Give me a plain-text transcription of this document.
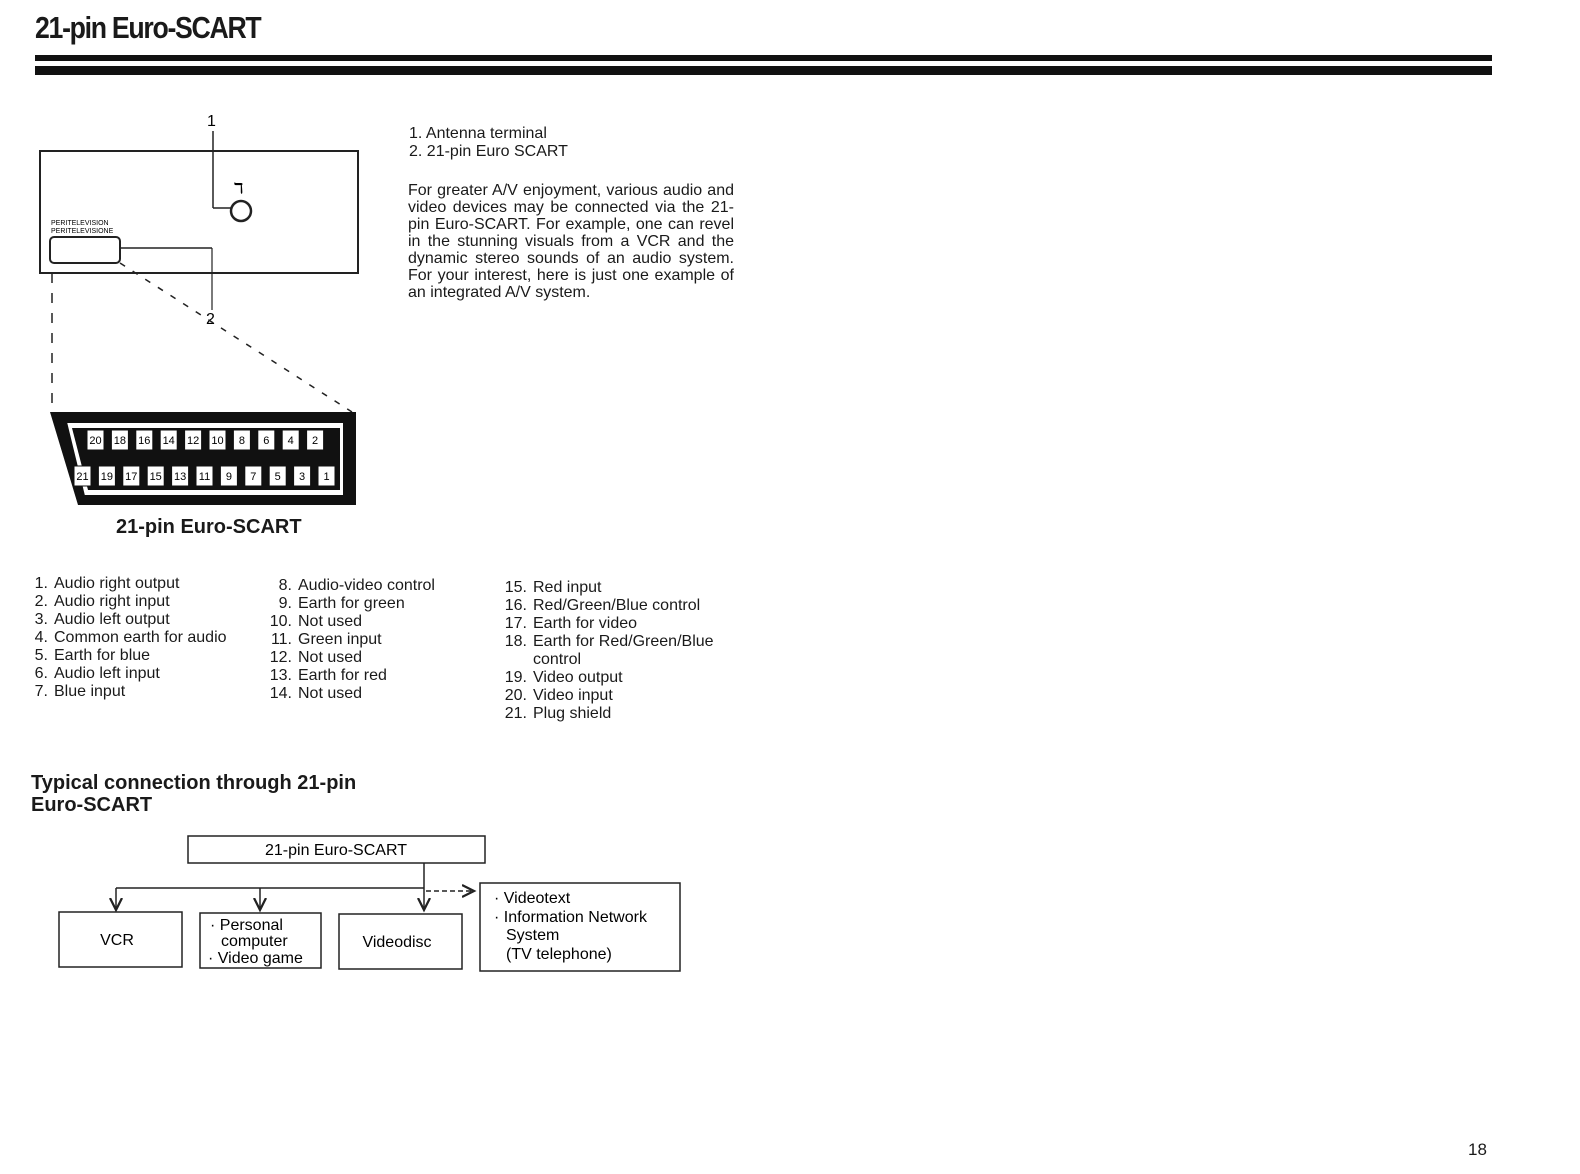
21-pin Euro-SCART
1
ℸ
PERITELEVISION
PERITELEVISIONE
2
20 18 16 14 12 10 8 6 4 2
21 19 17 15 13 11 9 7 5 3 1
1. Antenna terminal
2. 21-pin Euro SCART
For greater A/V enjoyment, various audio and video devices may be connected via the 21- pin Euro-SCART. For example, one can revel in the stunning visuals from a VCR and the dynamic stereo sounds of an audio system. For your interest, here is just one example of an integrated A/V system.
21-pin Euro-SCART
1. Audio right output
2. Audio right input
3. Audio left output
4. Common earth for audio
5. Earth for blue
6. Audio left input
7. Blue input
8. Audio-video control
9. Earth for green
10. Not used
11. Green input
12. Not used
13. Earth for red
14. Not used
15. Red input
16. Red/Green/Blue control
17. Earth for video
18. Earth for Red/Green/Blue control
19. Video output
20. Video input
21. Plug shield
Typical connection through 21-pin Euro-SCART
21-pin Euro-SCART
VCR
· Personal
computer
· Video game
Videodisc
· Videotext
· Information Network
System
(TV telephone)
18
